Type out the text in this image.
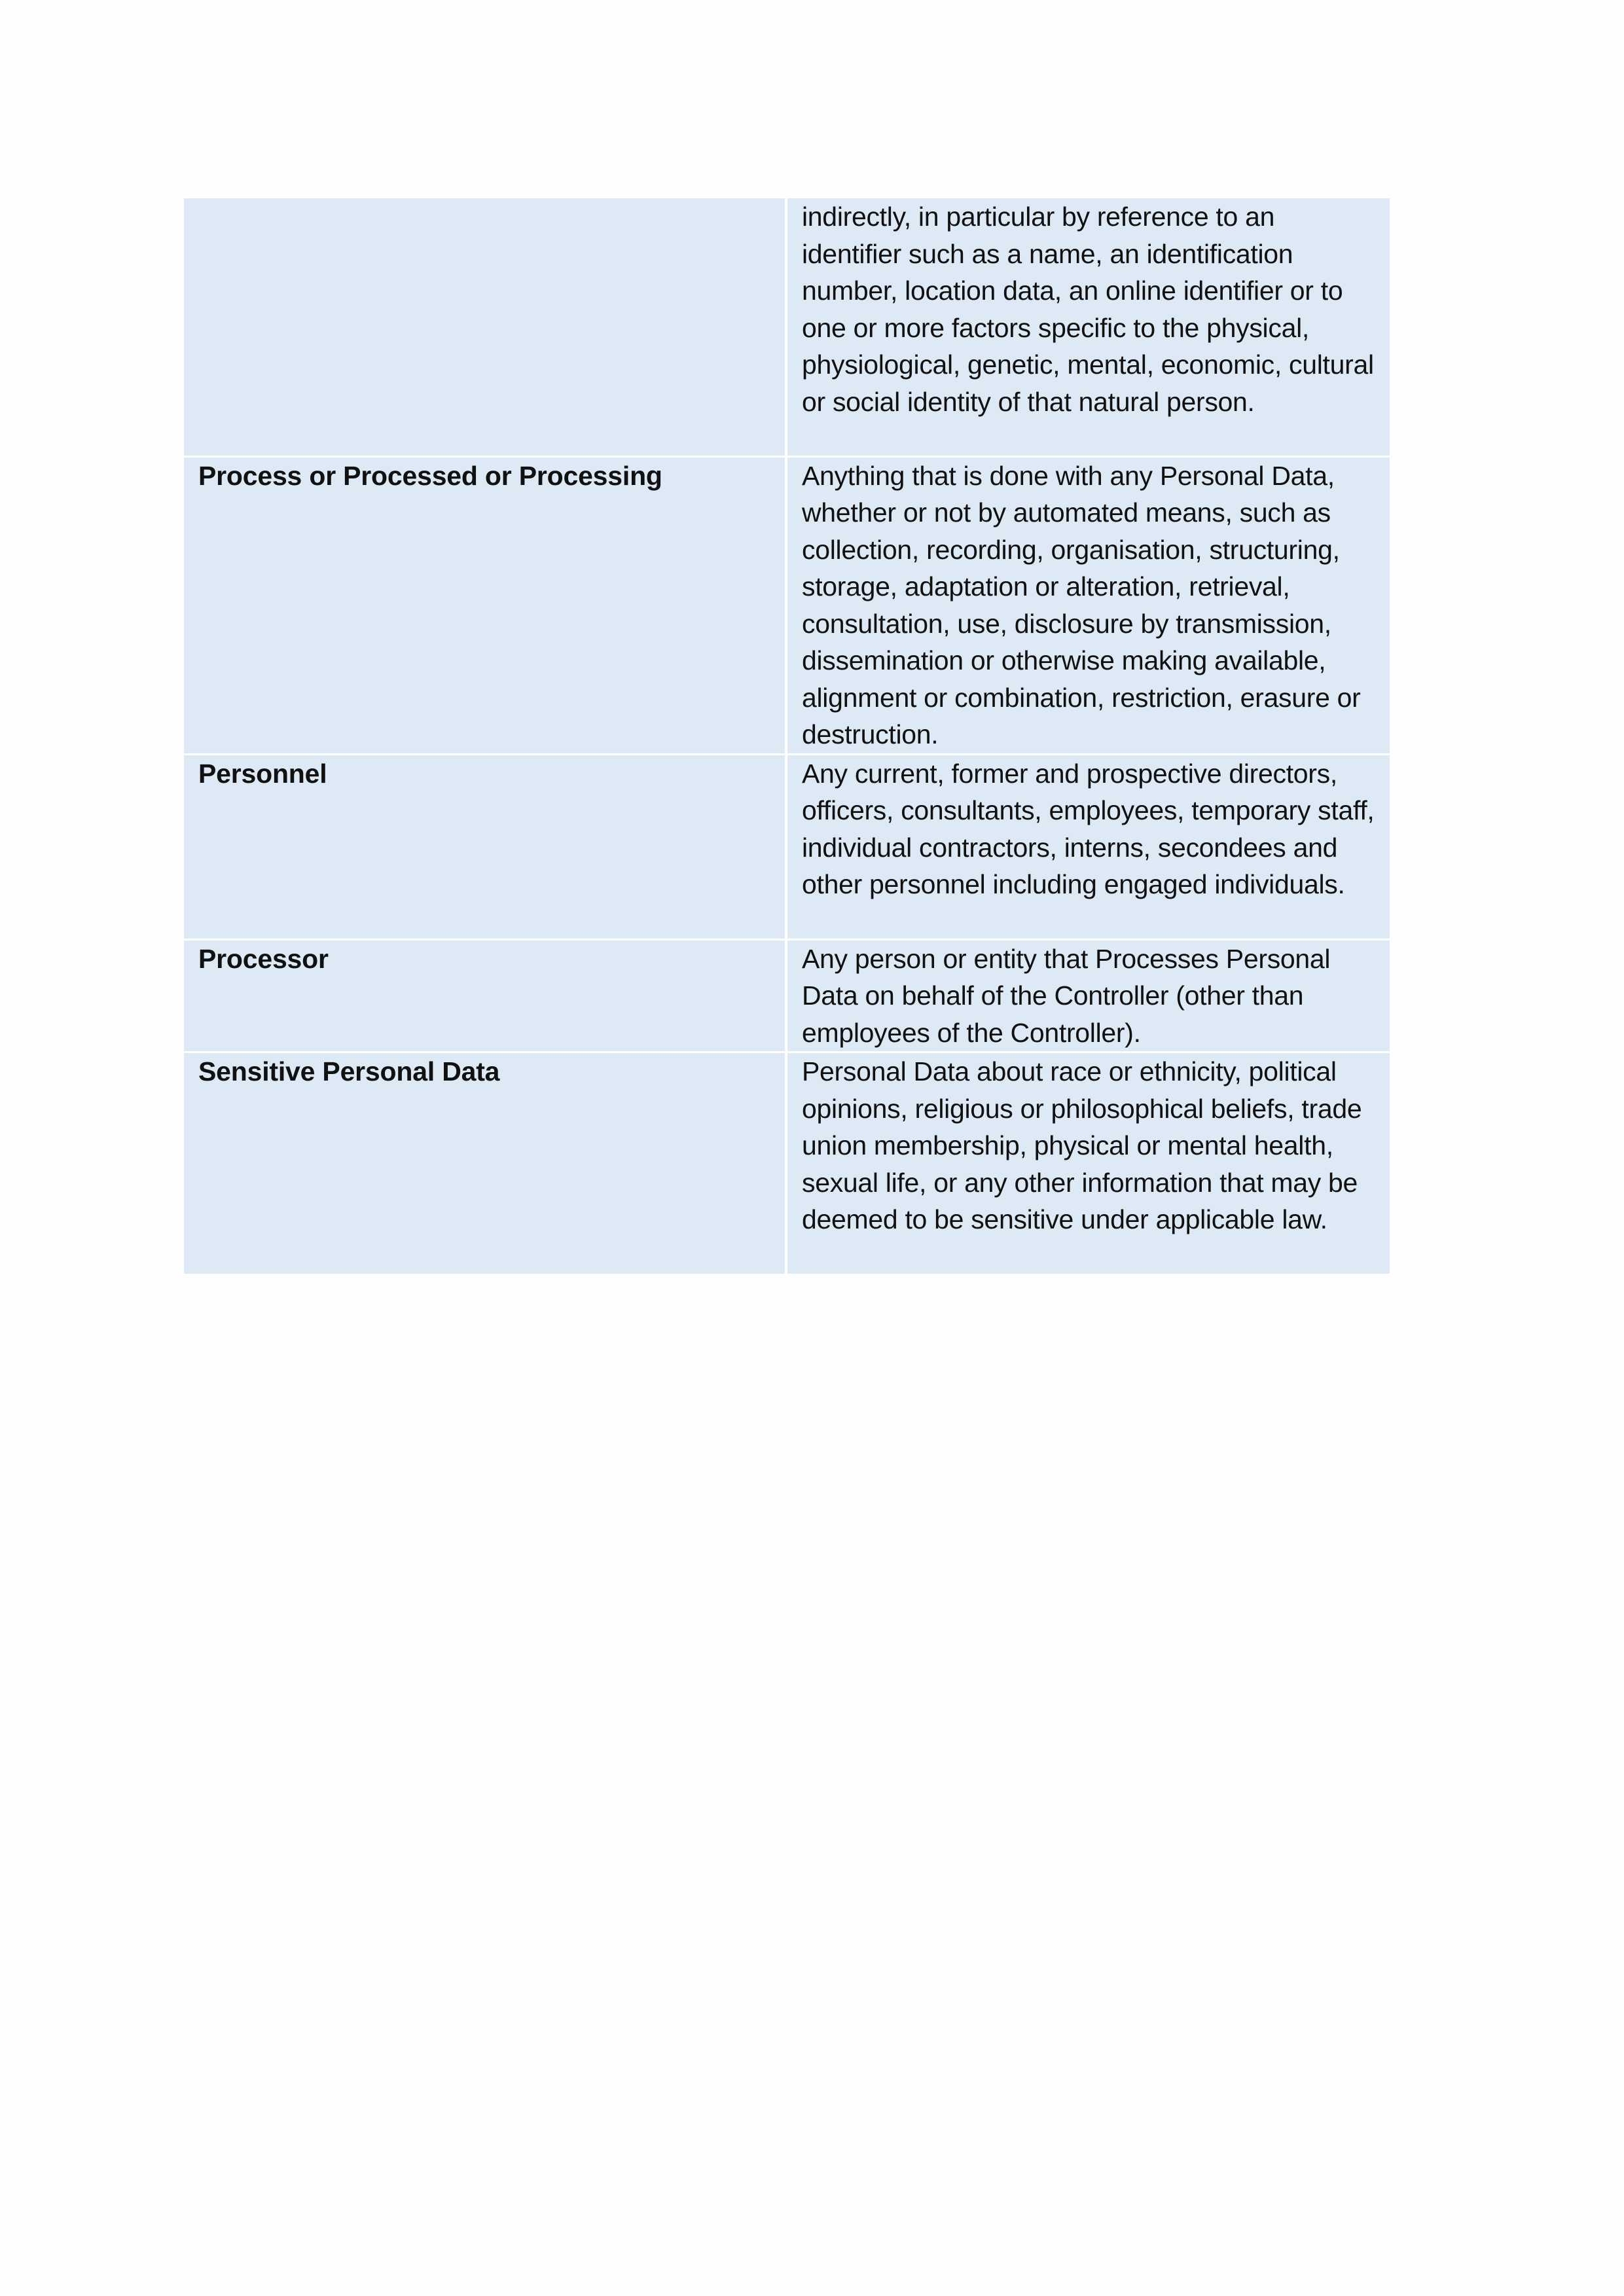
	indirectly, in particular by reference to an identifier such as a name, an identification number, location data, an online identifier or to one or more factors specific to the physical, physiological, genetic, mental, economic, cultural or social identity of that natural person.
Process or Processed or Processing	Anything that is done with any Personal Data, whether or not by automated means, such as collection, recording, organisation, structuring, storage, adaptation or alteration, retrieval, consultation, use, disclosure by transmission, dissemination or otherwise making available, alignment or combination, restriction, erasure or destruction.
Personnel	Any current, former and prospective directors, officers, consultants, employees, temporary staff, individual contractors, interns, secondees and other personnel including engaged individuals.
Processor	Any person or entity that Processes Personal Data on behalf of the Controller (other than employees of the Controller).
Sensitive Personal Data	Personal Data about race or ethnicity, political opinions, religious or philosophical beliefs, trade union membership, physical or mental health, sexual life, or any other information that may be deemed to be sensitive under applicable law.
